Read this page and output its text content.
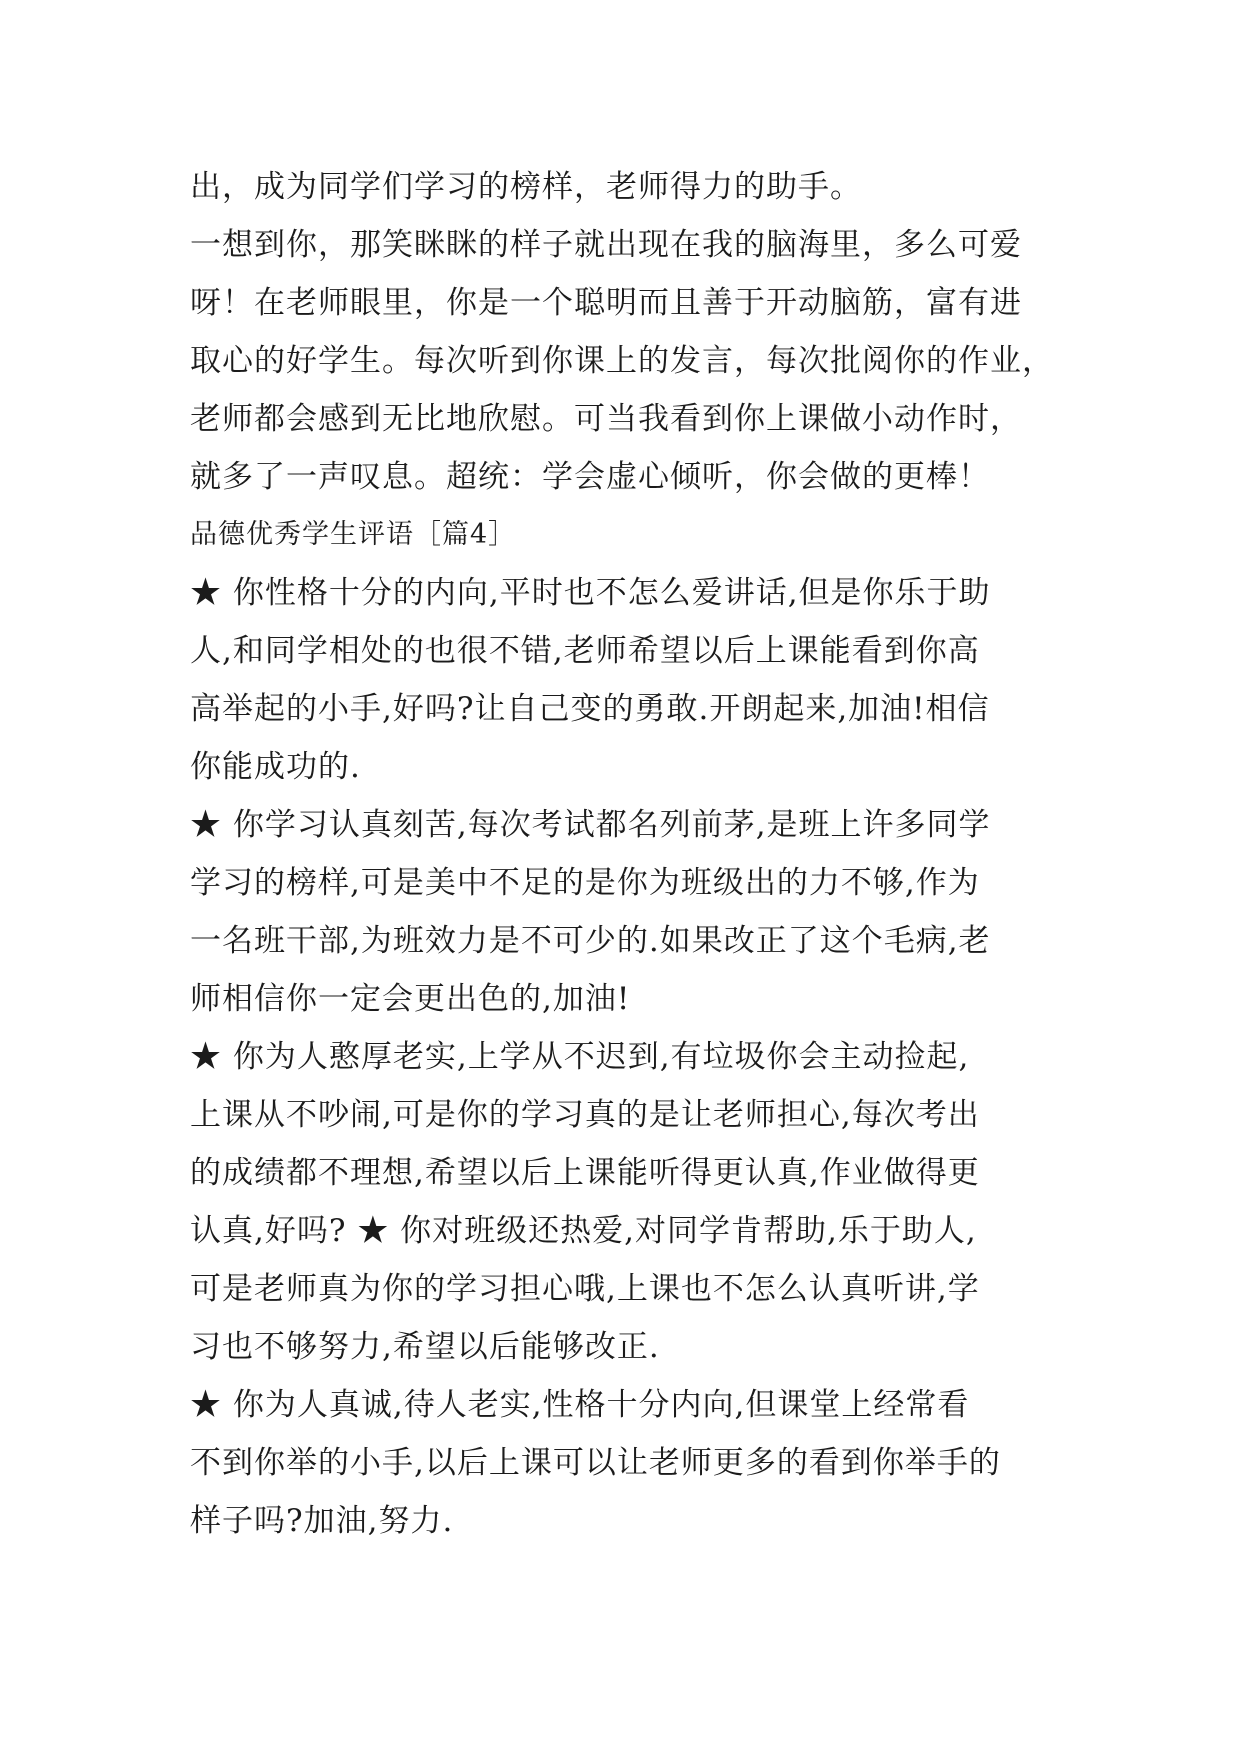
出，成为同学们学习的榜样，老师得力的助手。
一想到你，那笑眯眯的样子就出现在我的脑海里，多么可爱
呀！在老师眼里，你是一个聪明而且善于开动脑筋，富有进
取心的好学生。每次听到你课上的发言，每次批阅你的作业，
老师都会感到无比地欣慰。可当我看到你上课做小动作时，
就多了一声叹息。超统：学会虚心倾听，你会做的更棒！
品德优秀学生评语［篇4］
★ 你性格十分的内向,平时也不怎么爱讲话,但是你乐于助
人,和同学相处的也很不错,老师希望以后上课能看到你高
高举起的小手,好吗?让自己变的勇敢.开朗起来,加油!相信
你能成功的.
★ 你学习认真刻苦,每次考试都名列前茅,是班上许多同学
学习的榜样,可是美中不足的是你为班级出的力不够,作为
一名班干部,为班效力是不可少的.如果改正了这个毛病,老
师相信你一定会更出色的,加油!
★ 你为人憨厚老实,上学从不迟到,有垃圾你会主动捡起,
上课从不吵闹,可是你的学习真的是让老师担心,每次考出
的成绩都不理想,希望以后上课能听得更认真,作业做得更
认真,好吗? ★ 你对班级还热爱,对同学肯帮助,乐于助人,
可是老师真为你的学习担心哦,上课也不怎么认真听讲,学
习也不够努力,希望以后能够改正.
★ 你为人真诚,待人老实,性格十分内向,但课堂上经常看
不到你举的小手,以后上课可以让老师更多的看到你举手的
样子吗?加油,努力.
